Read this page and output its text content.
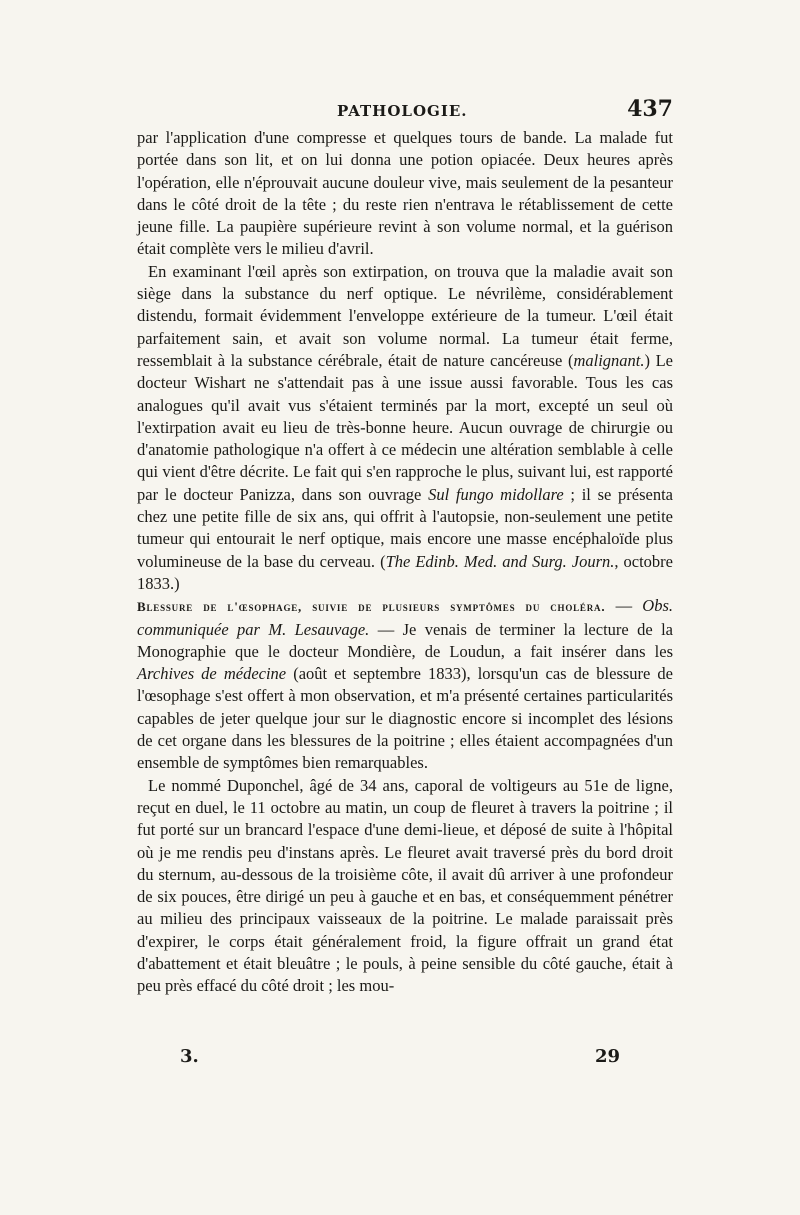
PATHOLOGIE.	437

par l'application d'une compresse et quelques tours de bande. La malade fut portée dans son lit, et on lui donna une potion opiacée. Deux heures après l'opération, elle n'éprouvait aucune douleur vive, mais seulement de la pesanteur dans le côté droit de la tête ; du reste rien n'entrava le rétablissement de cette jeune fille. La paupière supérieure revint à son volume normal, et la guérison était complète vers le milieu d'avril.

En examinant l'œil après son extirpation, on trouva que la maladie avait son siège dans la substance du nerf optique. Le névrilème, considérablement distendu, formait évidemment l'enveloppe extérieure de la tumeur. L'œil était parfaitement sain, et avait son volume normal. La tumeur était ferme, ressemblait à la substance cérébrale, était de nature cancéreuse (malignant.) Le docteur Wishart ne s'attendait pas à une issue aussi favorable. Tous les cas analogues qu'il avait vus s'étaient terminés par la mort, excepté un seul où l'extirpation avait eu lieu de très-bonne heure. Aucun ouvrage de chirurgie ou d'anatomie pathologique n'a offert à ce médecin une altération semblable à celle qui vient d'être décrite. Le fait qui s'en rapproche le plus, suivant lui, est rapporté par le docteur Panizza, dans son ouvrage Sul fungo midollare ; il se présenta chez une petite fille de six ans, qui offrit à l'autopsie, non-seulement une petite tumeur qui entourait le nerf optique, mais encore une masse encéphaloïde plus volumineuse de la base du cerveau. (The Edinb. Med. and Surg. Journ., octobre 1833.)

Blessure de l'œsophage, suivie de plusieurs symptômes du choléra. — Obs. communiquée par M. Lesauvage. — Je venais de terminer la lecture de la Monographie que le docteur Mondière, de Loudun, a fait insérer dans les Archives de médecine (août et septembre 1833), lorsqu'un cas de blessure de l'œsophage s'est offert à mon observation, et m'a présenté certaines particularités capables de jeter quelque jour sur le diagnostic encore si incomplet des lésions de cet organe dans les blessures de la poitrine ; elles étaient accompagnées d'un ensemble de symptômes bien remarquables.

Le nommé Duponchel, âgé de 34 ans, caporal de voltigeurs au 51e de ligne, reçut en duel, le 11 octobre au matin, un coup de fleuret à travers la poitrine ; il fut porté sur un brancard l'espace d'une demi-lieue, et déposé de suite à l'hôpital où je me rendis peu d'instans après. Le fleuret avait traversé près du bord droit du sternum, au-dessous de la troisième côte, il avait dû arriver à une profondeur de six pouces, être dirigé un peu à gauche et en bas, et conséquemment pénétrer au milieu des principaux vaisseaux de la poitrine. Le malade paraissait près d'expirer, le corps était généralement froid, la figure offrait un grand état d'abattement et était bleuâtre ; le pouls, à peine sensible du côté gauche, était à peu près effacé du côté droit ; les mou-

3.	29
